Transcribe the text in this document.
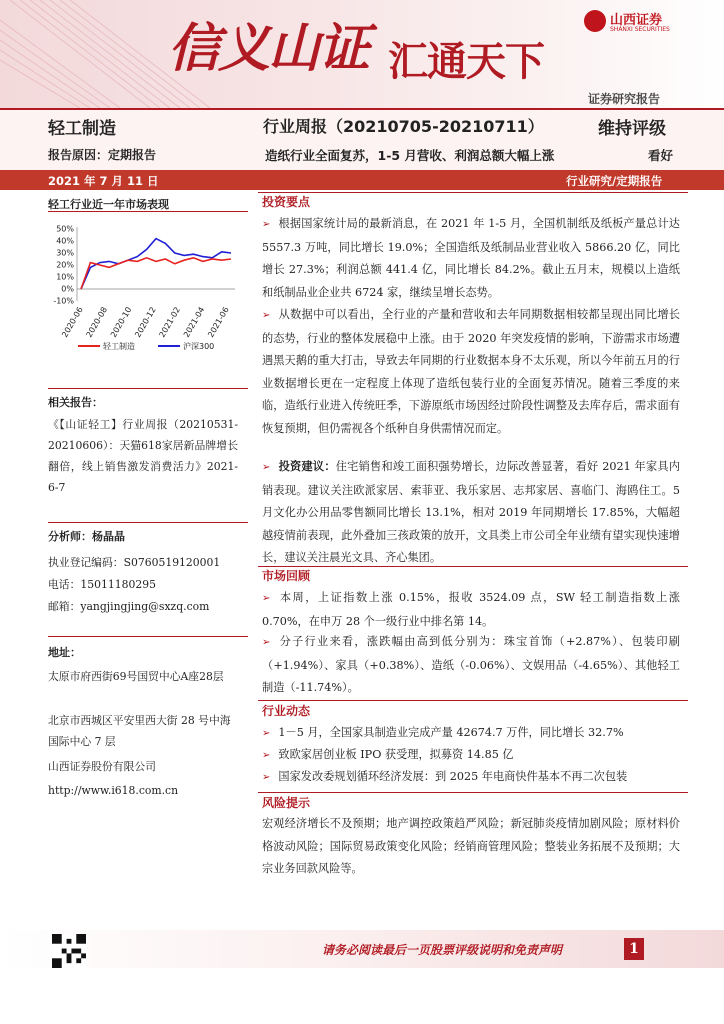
信义山证 汇通天下
山西证券
SHANXI SECURITIES
证券研究报告
轻工制造	行业周报（20210705-20210711）	维持评级
报告原因：定期报告	造纸行业全面复苏，1-5 月营收、利润总额大幅上涨	看好
2021 年 7 月 11 日	行业研究/定期报告
轻工行业近一年市场表现
50%
40%
30%
20%
10%
0%
-10%
2020-06 2020-08 2020-10 2020-12 2021-02 2021-04 2021-06
轻工制造	沪深300
相关报告：
《【山证轻工】行业周报（20210531-20210606）：天猫618家居新品牌增长翻倍，线上销售激发消费活力》2021-6-7
分析师：杨晶晶
执业登记编码：S0760519120001
电话：15011180295
邮箱：yangjingjing@sxzq.com
地址：
太原市府西街69号国贸中心A座28层
北京市西城区平安里西大街 28 号中海国际中心 7 层
山西证券股份有限公司
http://www.i618.com.cn
投资要点
➢ 根据国家统计局的最新消息，在 2021 年 1-5 月，全国机制纸及纸板产量总计达 5557.3 万吨，同比增长 19.0%；全国造纸及纸制品业营业收入 5866.20 亿，同比增长 27.3%；利润总额 441.4 亿，同比增长 84.2%。截止五月末，规模以上造纸和纸制品业企业共 6724 家，继续呈增长态势。
➢ 从数据中可以看出，全行业的产量和营收和去年同期数据相较都呈现出同比增长的态势，行业的整体发展稳中上涨。由于 2020 年突发疫情的影响，下游需求市场遭遇黑天鹅的重大打击，导致去年同期的行业数据本身不太乐观，所以今年前五月的行业数据增长更在一定程度上体现了造纸包装行业的全面复苏情况。随着三季度的来临，造纸行业进入传统旺季，下游原纸市场因经过阶段性调整及去库存后，需求面有恢复预期，但仍需视各个纸种自身供需情况而定。
➢ 投资建议：住宅销售和竣工面积强势增长，边际改善显著，看好 2021 年家具内销表现。建议关注欧派家居、索菲亚、我乐家居、志邦家居、喜临门、海鸥住工。5 月文化办公用品零售额同比增长 13.1%，相对 2019 年同期增长 17.85%，大幅超越疫情前表现，此外叠加三孩政策的放开，文具类上市公司全年业绩有望实现快速增长，建议关注晨光文具、齐心集团。
市场回顾
➢ 本周，上证指数上涨 0.15%，报收 3524.09 点，SW 轻工制造指数上涨 0.70%，在申万 28 个一级行业中排名第 14。
➢ 分子行业来看，涨跌幅由高到低分别为：珠宝首饰（+2.87%）、包装印刷（+1.94%）、家具（+0.38%）、造纸（-0.06%）、文娱用品（-4.65%）、其他轻工制造（-11.74%）。
行业动态
➢ 1－5 月，全国家具制造业完成产量 42674.7 万件，同比增长 32.7%
➢ 致欧家居创业板 IPO 获受理，拟募资 14.85 亿
➢ 国家发改委规划循环经济发展：到 2025 年电商快件基本不再二次包装
风险提示
宏观经济增长不及预期；地产调控政策趋严风险；新冠肺炎疫情加剧风险；原材料价格波动风险；国际贸易政策变化风险；经销商管理风险；整装业务拓展不及预期；大宗业务回款风险等。
请务必阅读最后一页股票评级说明和免责声明	1
